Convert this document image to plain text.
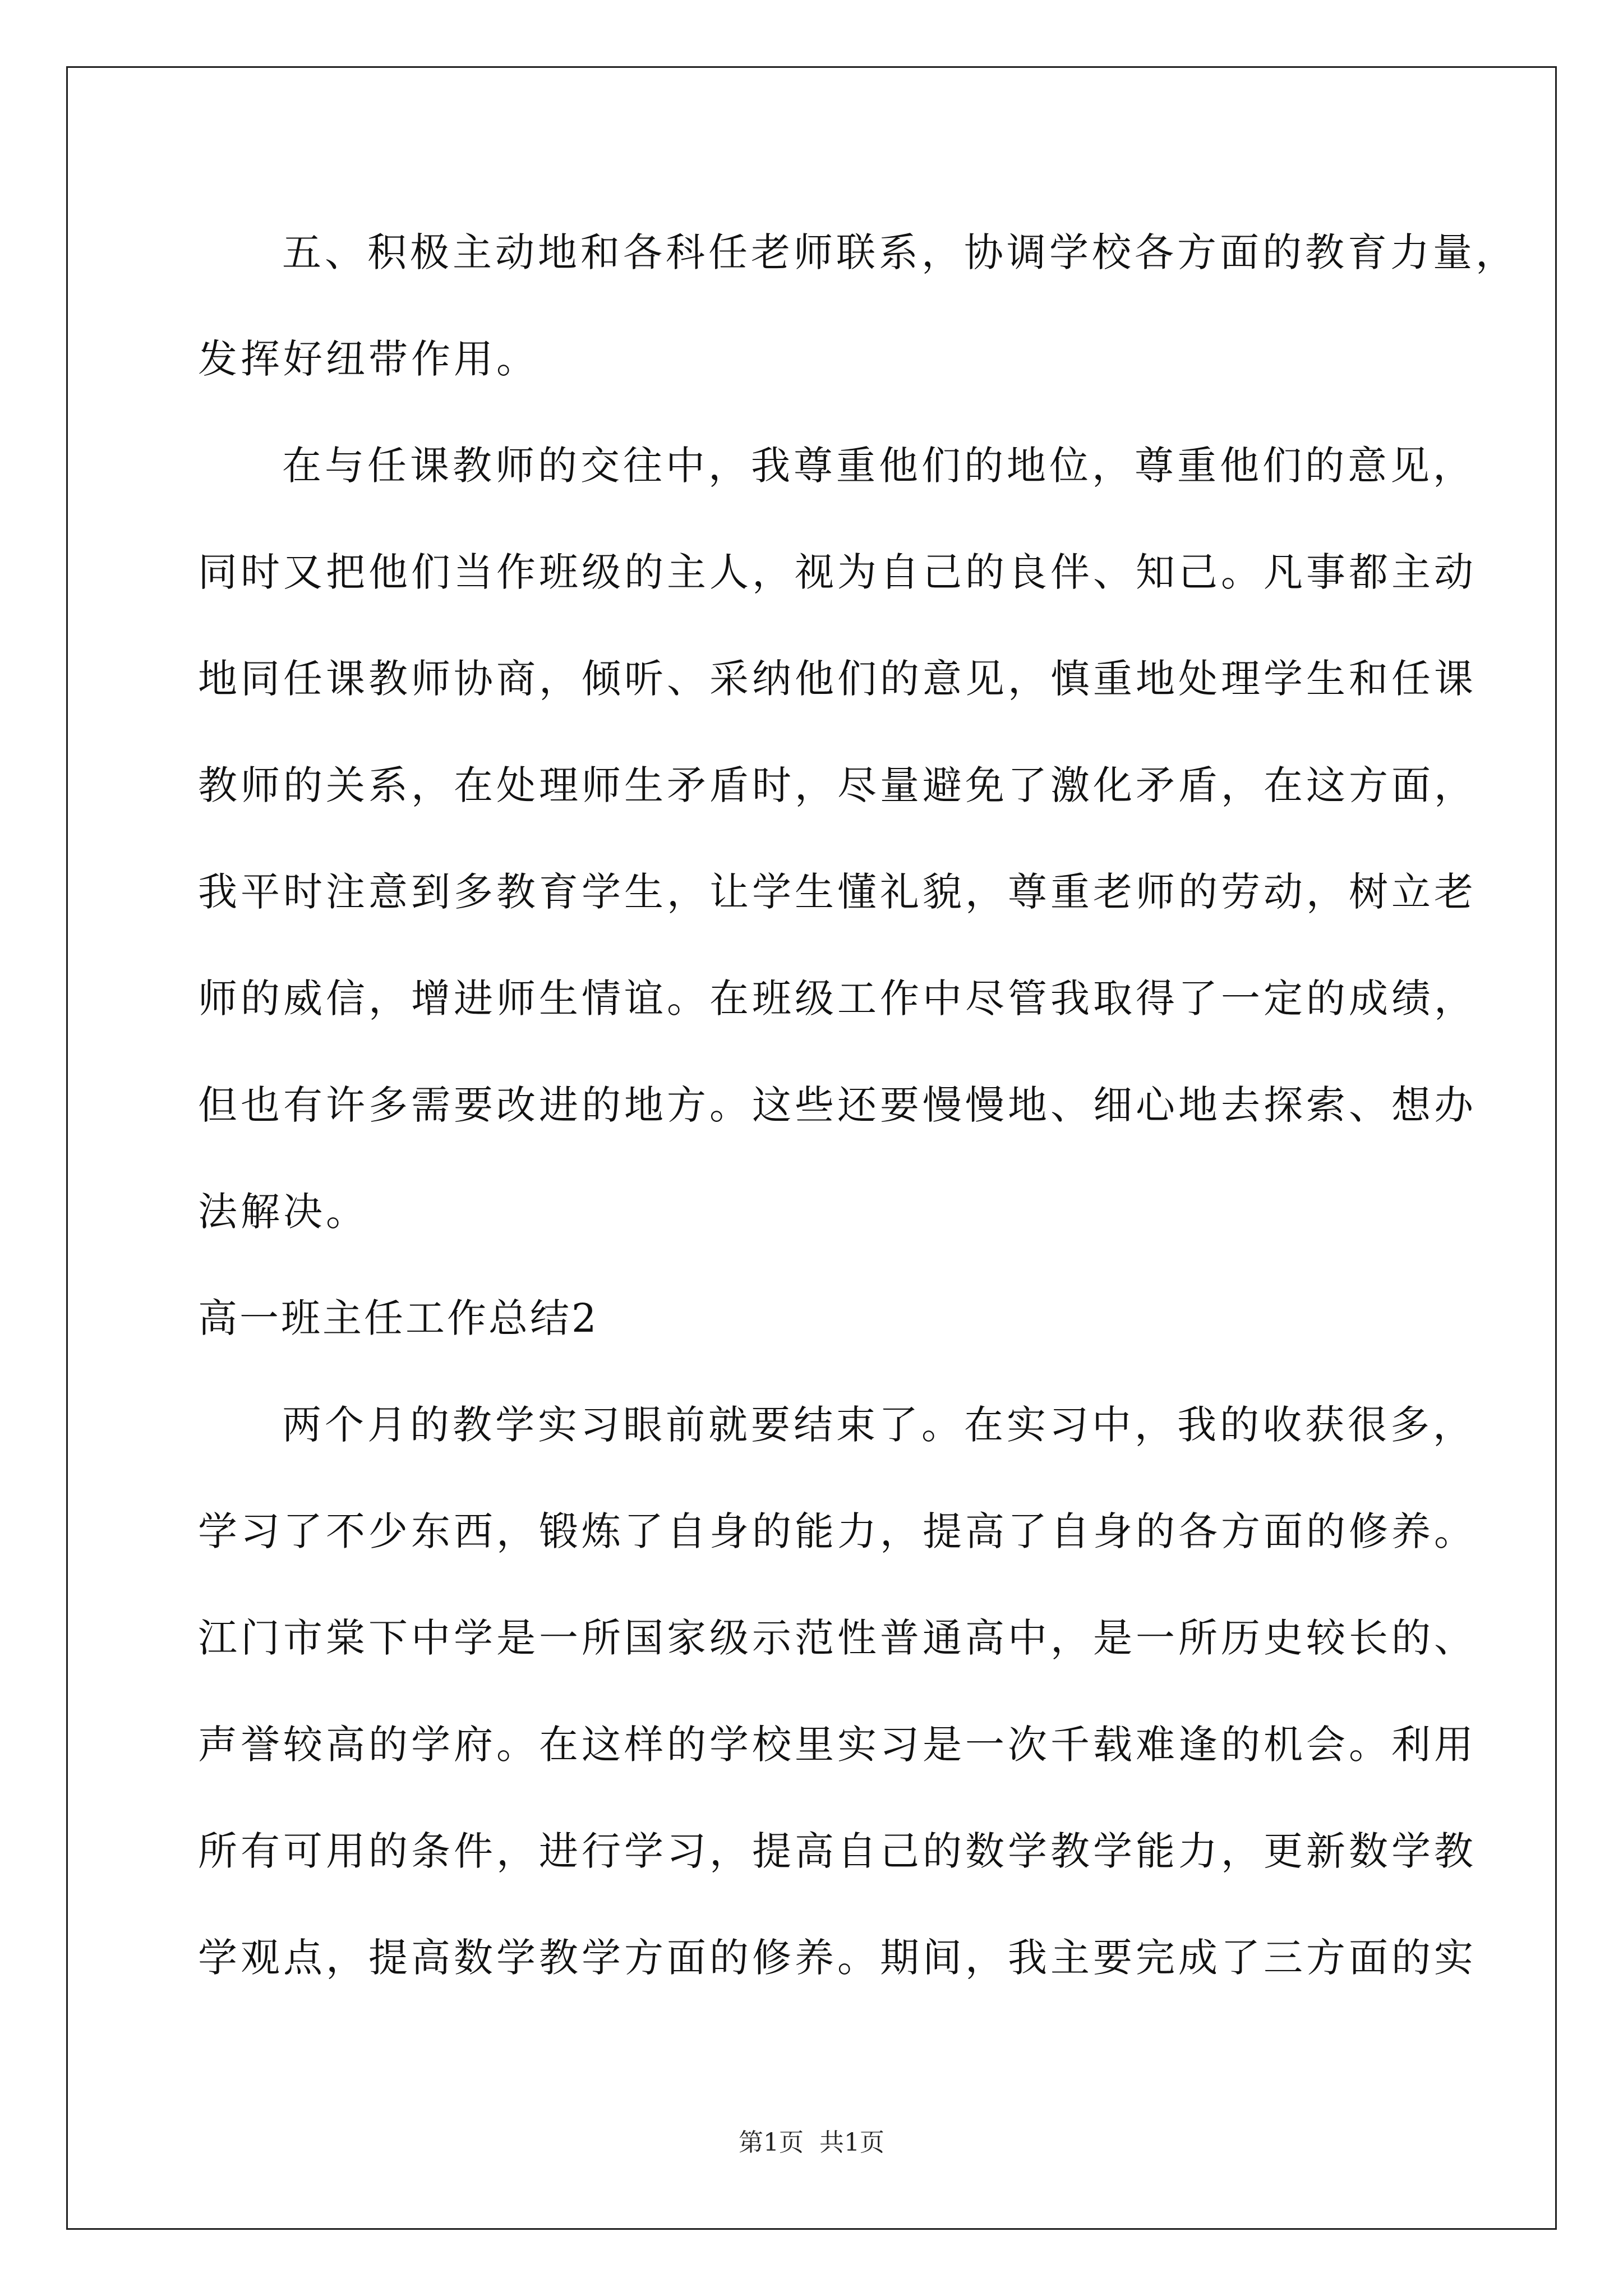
五、积极主动地和各科任老师联系，协调学校各方面的教育力量，
发挥好纽带作用。
在与任课教师的交往中，我尊重他们的地位，尊重他们的意见，
同时又把他们当作班级的主人，视为自己的良伴、知己。凡事都主动
地同任课教师协商，倾听、采纳他们的意见，慎重地处理学生和任课
教师的关系，在处理师生矛盾时，尽量避免了激化矛盾，在这方面，
我平时注意到多教育学生，让学生懂礼貌，尊重老师的劳动，树立老
师的威信，增进师生情谊。在班级工作中尽管我取得了一定的成绩，
但也有许多需要改进的地方。这些还要慢慢地、细心地去探索、想办
法解决。
高一班主任工作总结2
两个月的教学实习眼前就要结束了。在实习中，我的收获很多，
学习了不少东西，锻炼了自身的能力，提高了自身的各方面的修养。
江门市棠下中学是一所国家级示范性普通高中，是一所历史较长的、
声誉较高的学府。在这样的学校里实习是一次千载难逢的机会。利用
所有可用的条件，进行学习，提高自己的数学教学能力，更新数学教
学观点，提高数学教学方面的修养。期间，我主要完成了三方面的实
第1页  共1页
